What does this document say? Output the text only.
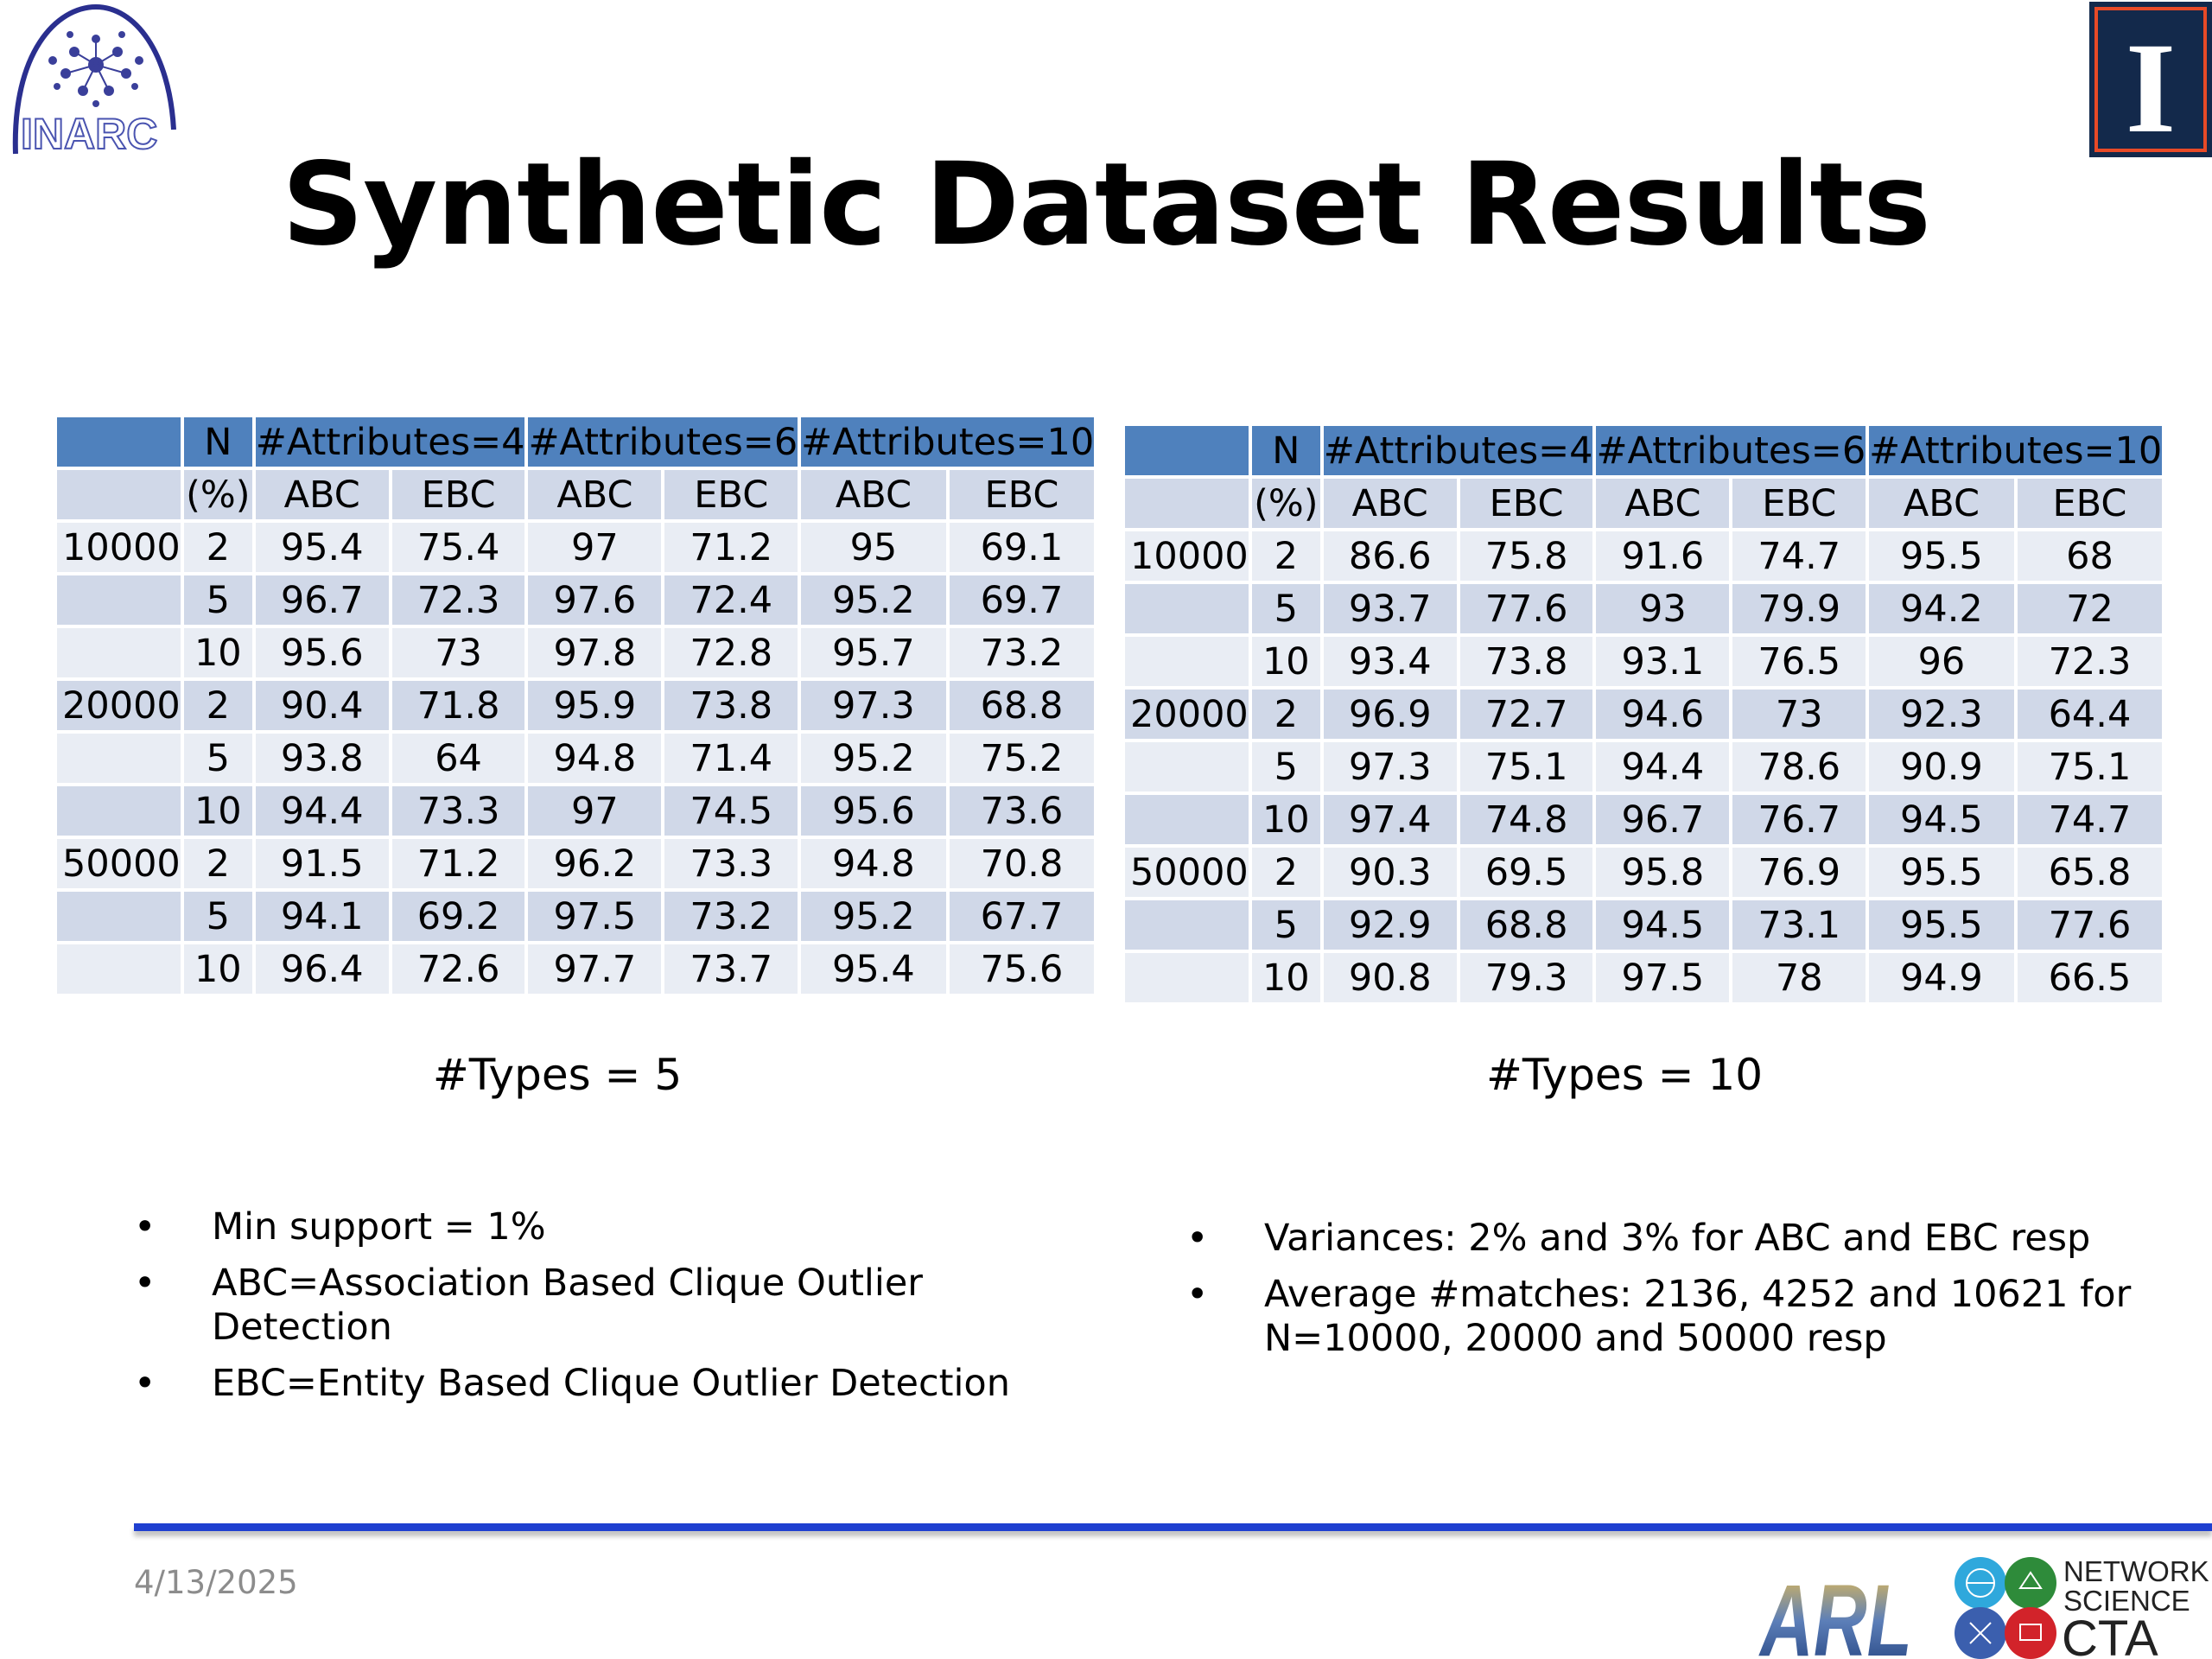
INARC	I
Synthetic Dataset Results
	N	#Attributes=4		#Attributes=6		#Attributes=10	
	(%)	ABC	EBC	ABC	EBC	ABC	EBC
10000	2	95.4	75.4	97	71.2	95	69.1
	5	96.7	72.3	97.6	72.4	95.2	69.7
	10	95.6	73	97.8	72.8	95.7	73.2
20000	2	90.4	71.8	95.9	73.8	97.3	68.8
	5	93.8	64	94.8	71.4	95.2	75.2
	10	94.4	73.3	97	74.5	95.6	73.6
50000	2	91.5	71.2	96.2	73.3	94.8	70.8
	5	94.1	69.2	97.5	73.2	95.2	67.7
	10	96.4	72.6	97.7	73.7	95.4	75.6
	N	#Attributes=4		#Attributes=6		#Attributes=10	
	(%)	ABC	EBC	ABC	EBC	ABC	EBC
10000	2	86.6	75.8	91.6	74.7	95.5	68
	5	93.7	77.6	93	79.9	94.2	72
	10	93.4	73.8	93.1	76.5	96	72.3
20000	2	96.9	72.7	94.6	73	92.3	64.4
	5	97.3	75.1	94.4	78.6	90.9	75.1
	10	97.4	74.8	96.7	76.7	94.5	74.7
50000	2	90.3	69.5	95.8	76.9	95.5	65.8
	5	92.9	68.8	94.5	73.1	95.5	77.6
	10	90.8	79.3	97.5	78	94.9	66.5
#Types = 5	#Types = 10
• Min support = 1%
• ABC=Association Based Clique Outlier Detection
• EBC=Entity Based Clique Outlier Detection
• Variances: 2% and 3% for ABC and EBC resp
• Average #matches: 2136, 4252 and 10621 for N=10000, 20000 and 50000 resp
4/13/2025	ARL	NETWORK
SCIENCE
CTA
